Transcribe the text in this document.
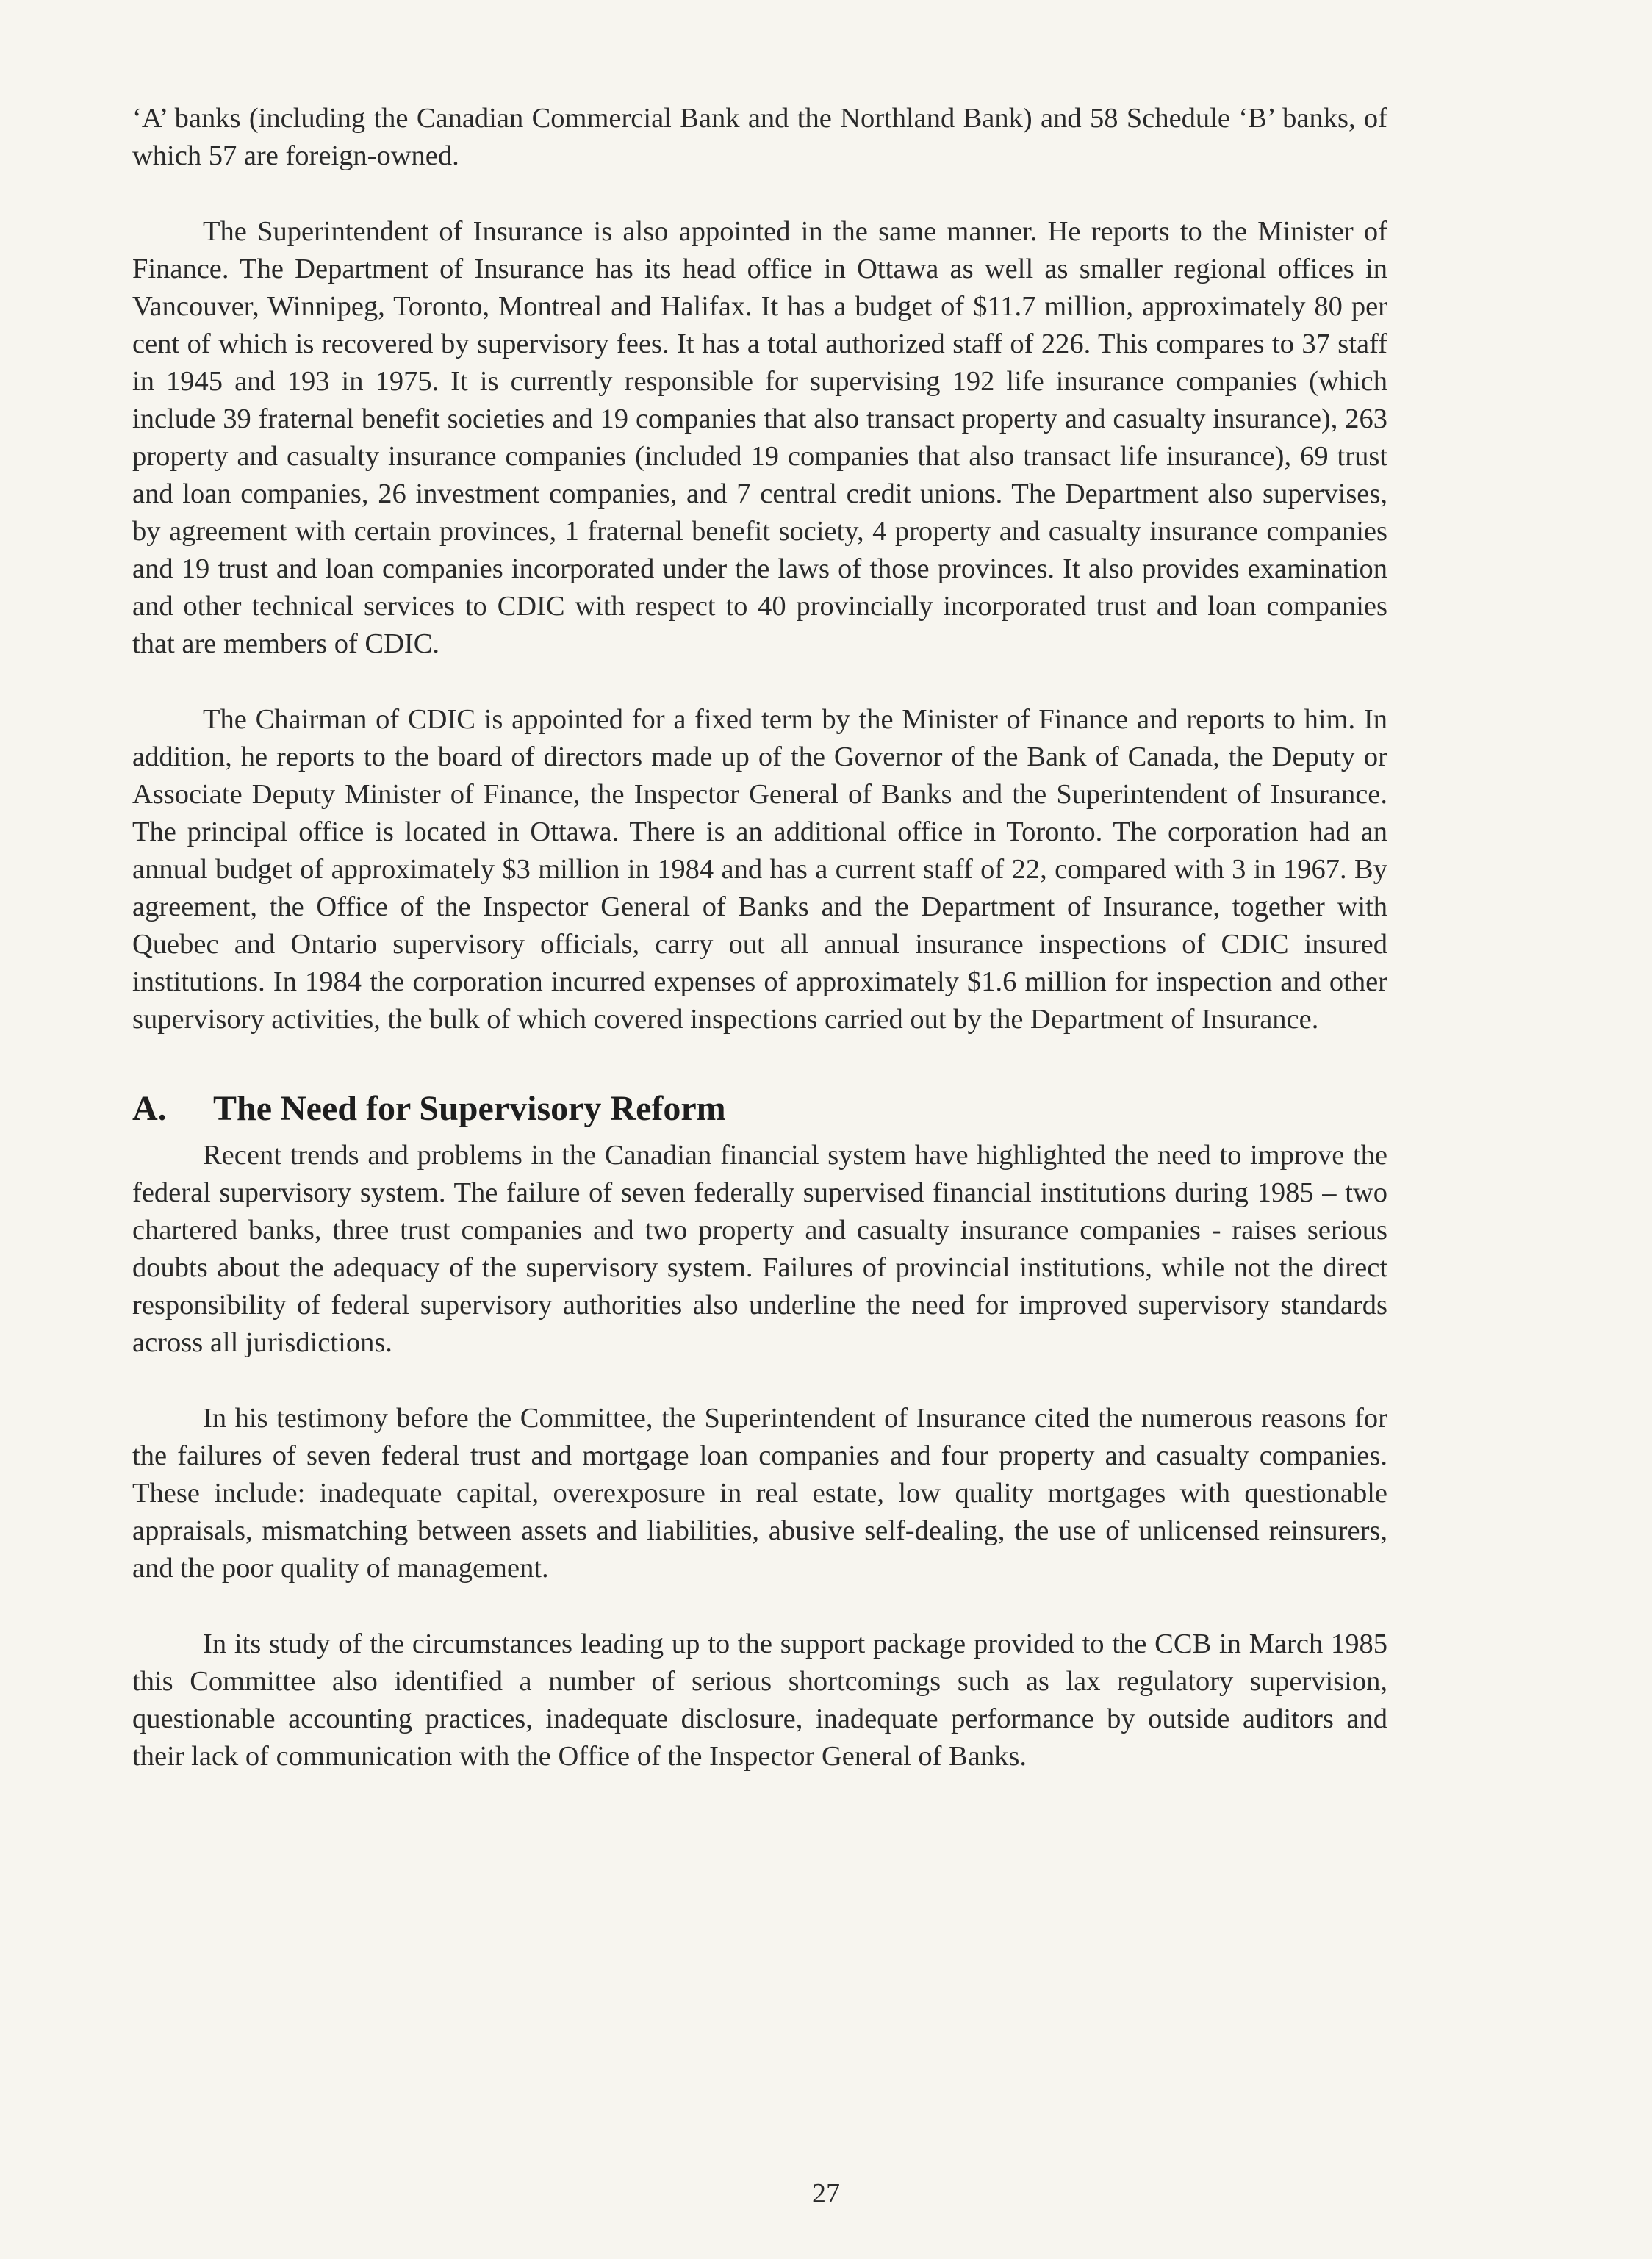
‘A’ banks (including the Canadian Commercial Bank and the Northland Bank) and 58 Schedule ‘B’ banks, of which 57 are foreign-owned.

The Superintendent of Insurance is also appointed in the same manner. He reports to the Minister of Finance. The Department of Insurance has its head office in Ottawa as well as smaller regional offices in Vancouver, Winnipeg, Toronto, Montreal and Halifax. It has a budget of $11.7 million, approximately 80 per cent of which is recovered by supervisory fees. It has a total authorized staff of 226. This compares to 37 staff in 1945 and 193 in 1975. It is currently responsible for supervising 192 life insurance companies (which include 39 fraternal benefit societies and 19 companies that also transact property and casualty insurance), 263 property and casualty insurance companies (included 19 companies that also transact life insurance), 69 trust and loan companies, 26 investment companies, and 7 central credit unions. The Department also supervises, by agreement with certain provinces, 1 fraternal benefit society, 4 property and casualty insurance companies and 19 trust and loan companies incorporated under the laws of those provinces. It also provides examination and other technical services to CDIC with respect to 40 provincially incorporated trust and loan companies that are members of CDIC.

The Chairman of CDIC is appointed for a fixed term by the Minister of Finance and reports to him. In addition, he reports to the board of directors made up of the Governor of the Bank of Canada, the Deputy or Associate Deputy Minister of Finance, the Inspector General of Banks and the Superintendent of Insurance. The principal office is located in Ottawa. There is an additional office in Toronto. The corporation had an annual budget of approximately $3 million in 1984 and has a current staff of 22, compared with 3 in 1967. By agreement, the Office of the Inspector General of Banks and the Department of Insurance, together with Quebec and Ontario supervisory officials, carry out all annual insurance inspections of CDIC insured institutions. In 1984 the corporation incurred expenses of approximately $1.6 million for inspection and other supervisory activities, the bulk of which covered inspections carried out by the Department of Insurance.

A. The Need for Supervisory Reform

Recent trends and problems in the Canadian financial system have highlighted the need to improve the federal supervisory system. The failure of seven federally supervised financial institutions during 1985 – two chartered banks, three trust companies and two property and casualty insurance companies - raises serious doubts about the adequacy of the supervisory system. Failures of provincial institutions, while not the direct responsibility of federal supervisory authorities also underline the need for improved supervisory standards across all jurisdictions.

In his testimony before the Committee, the Superintendent of Insurance cited the numerous reasons for the failures of seven federal trust and mortgage loan companies and four property and casualty companies. These include: inadequate capital, overexposure in real estate, low quality mortgages with questionable appraisals, mismatching between assets and liabilities, abusive self-dealing, the use of unlicensed reinsurers, and the poor quality of management.

In its study of the circumstances leading up to the support package provided to the CCB in March 1985 this Committee also identified a number of serious shortcomings such as lax regulatory supervision, questionable accounting practices, inadequate disclosure, inadequate performance by outside auditors and their lack of communication with the Office of the Inspector General of Banks.

27
